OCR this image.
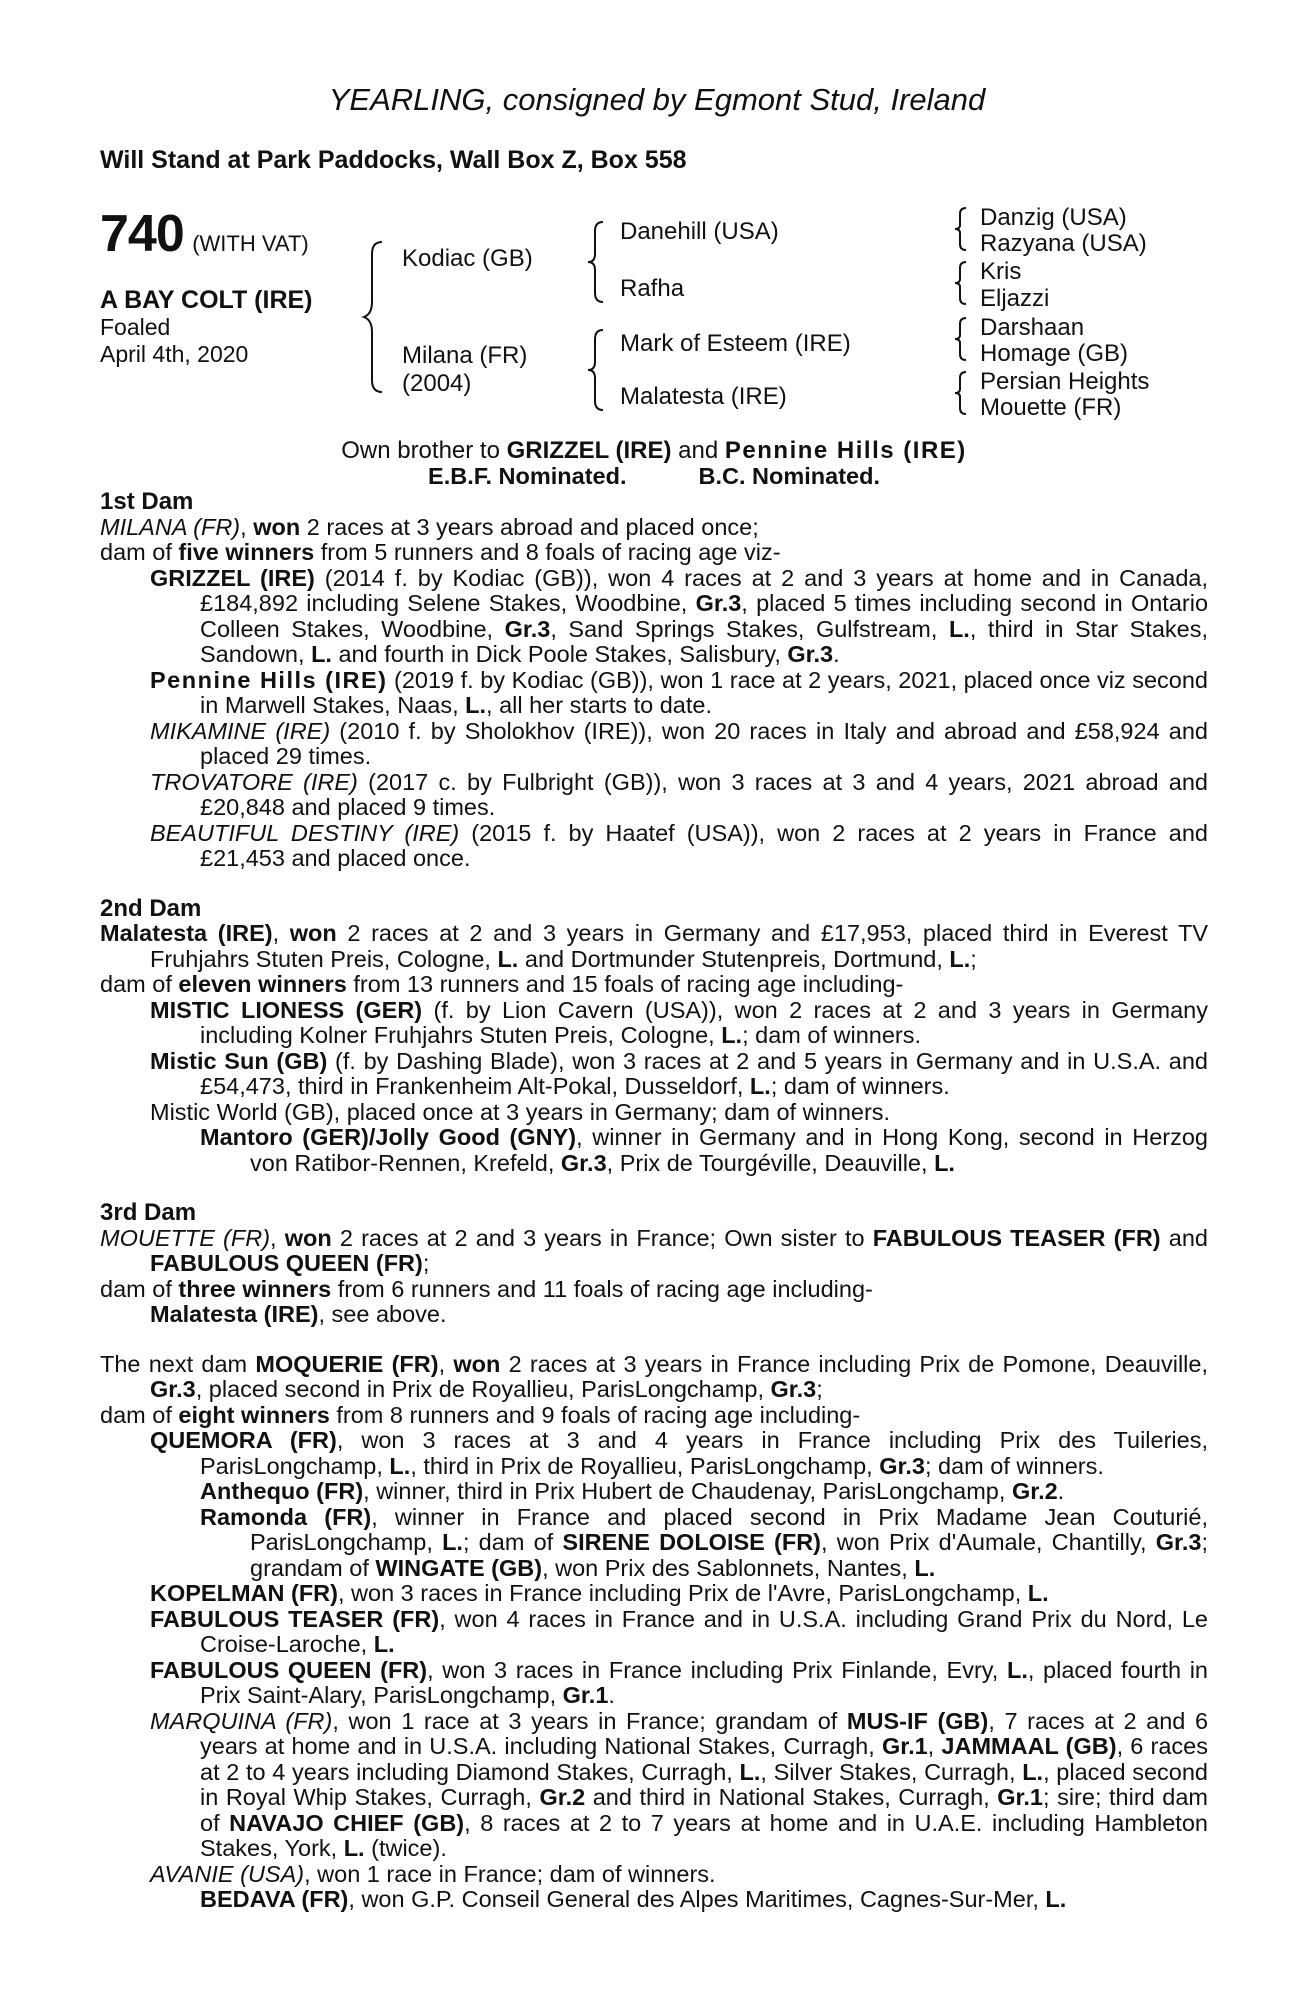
YEARLING, consigned by Egmont Stud, Ireland
Will Stand at Park Paddocks, Wall Box Z, Box 558
740 (WITH VAT)
A BAY COLT (IRE)
Foaled
April 4th, 2020
Kodiac (GB)
Milana (FR)
(2004)
Danehill (USA)
Rafha
Mark of Esteem (IRE)
Malatesta (IRE)
Danzig (USA)
Razyana (USA)
Kris
Eljazzi
Darshaan
Homage (GB)
Persian Heights
Mouette (FR)

Own brother to GRIZZEL (IRE) and Pennine Hills (IRE)

E.B.F. Nominated.	B.C. Nominated.

1st Dam

MILANA (FR), won 2 races at 3 years abroad and placed once;

dam of five winners from 5 runners and 8 foals of racing age viz-

GRIZZEL (IRE) (2014 f. by Kodiac (GB)), won 4 races at 2 and 3 years at home and in Canada, £184,892 including Selene Stakes, Woodbine, Gr.3, placed 5 times including second in Ontario Colleen Stakes, Woodbine, Gr.3, Sand Springs Stakes, Gulfstream, L., third in Star Stakes, Sandown, L. and fourth in Dick Poole Stakes, Salisbury, Gr.3.

Pennine Hills (IRE) (2019 f. by Kodiac (GB)), won 1 race at 2 years, 2021, placed once viz second in Marwell Stakes, Naas, L., all her starts to date.

MIKAMINE (IRE) (2010 f. by Sholokhov (IRE)), won 20 races in Italy and abroad and £58,924 and placed 29 times.

TROVATORE (IRE) (2017 c. by Fulbright (GB)), won 3 races at 3 and 4 years, 2021 abroad and £20,848 and placed 9 times.

BEAUTIFUL DESTINY (IRE) (2015 f. by Haatef (USA)), won 2 races at 2 years in France and £21,453 and placed once.

2nd Dam

Malatesta (IRE), won 2 races at 2 and 3 years in Germany and £17,953, placed third in Everest TV Fruhjahrs Stuten Preis, Cologne, L. and Dortmunder Stutenpreis, Dortmund, L.;

dam of eleven winners from 13 runners and 15 foals of racing age including-

MISTIC LIONESS (GER) (f. by Lion Cavern (USA)), won 2 races at 2 and 3 years in Germany including Kolner Fruhjahrs Stuten Preis, Cologne, L.; dam of winners.

Mistic Sun (GB) (f. by Dashing Blade), won 3 races at 2 and 5 years in Germany and in U.S.A. and £54,473, third in Frankenheim Alt-Pokal, Dusseldorf, L.; dam of winners.

Mistic World (GB), placed once at 3 years in Germany; dam of winners.

Mantoro (GER)/Jolly Good (GNY), winner in Germany and in Hong Kong, second in Herzog von Ratibor-Rennen, Krefeld, Gr.3, Prix de Tourgéville, Deauville, L.

3rd Dam

MOUETTE (FR), won 2 races at 2 and 3 years in France; Own sister to FABULOUS TEASER (FR) and FABULOUS QUEEN (FR);

dam of three winners from 6 runners and 11 foals of racing age including-

Malatesta (IRE), see above.

The next dam MOQUERIE (FR), won 2 races at 3 years in France including Prix de Pomone, Deauville, Gr.3, placed second in Prix de Royallieu, ParisLongchamp, Gr.3;

dam of eight winners from 8 runners and 9 foals of racing age including-

QUEMORA (FR), won 3 races at 3 and 4 years in France including Prix des Tuileries, ParisLongchamp, L., third in Prix de Royallieu, ParisLongchamp, Gr.3; dam of winners.

Anthequo (FR), winner, third in Prix Hubert de Chaudenay, ParisLongchamp, Gr.2.

Ramonda (FR), winner in France and placed second in Prix Madame Jean Couturié, ParisLongchamp, L.; dam of SIRENE DOLOISE (FR), won Prix d'Aumale, Chantilly, Gr.3; grandam of WINGATE (GB), won Prix des Sablonnets, Nantes, L.

KOPELMAN (FR), won 3 races in France including Prix de l'Avre, ParisLongchamp, L.

FABULOUS TEASER (FR), won 4 races in France and in U.S.A. including Grand Prix du Nord, Le Croise-Laroche, L.

FABULOUS QUEEN (FR), won 3 races in France including Prix Finlande, Evry, L., placed fourth in Prix Saint-Alary, ParisLongchamp, Gr.1.

MARQUINA (FR), won 1 race at 3 years in France; grandam of MUS-IF (GB), 7 races at 2 and 6 years at home and in U.S.A. including National Stakes, Curragh, Gr.1, JAMMAAL (GB), 6 races at 2 to 4 years including Diamond Stakes, Curragh, L., Silver Stakes, Curragh, L., placed second in Royal Whip Stakes, Curragh, Gr.2 and third in National Stakes, Curragh, Gr.1; sire; third dam of NAVAJO CHIEF (GB), 8 races at 2 to 7 years at home and in U.A.E. including Hambleton Stakes, York, L. (twice).

AVANIE (USA), won 1 race in France; dam of winners.

BEDAVA (FR), won G.P. Conseil General des Alpes Maritimes, Cagnes-Sur-Mer, L.
